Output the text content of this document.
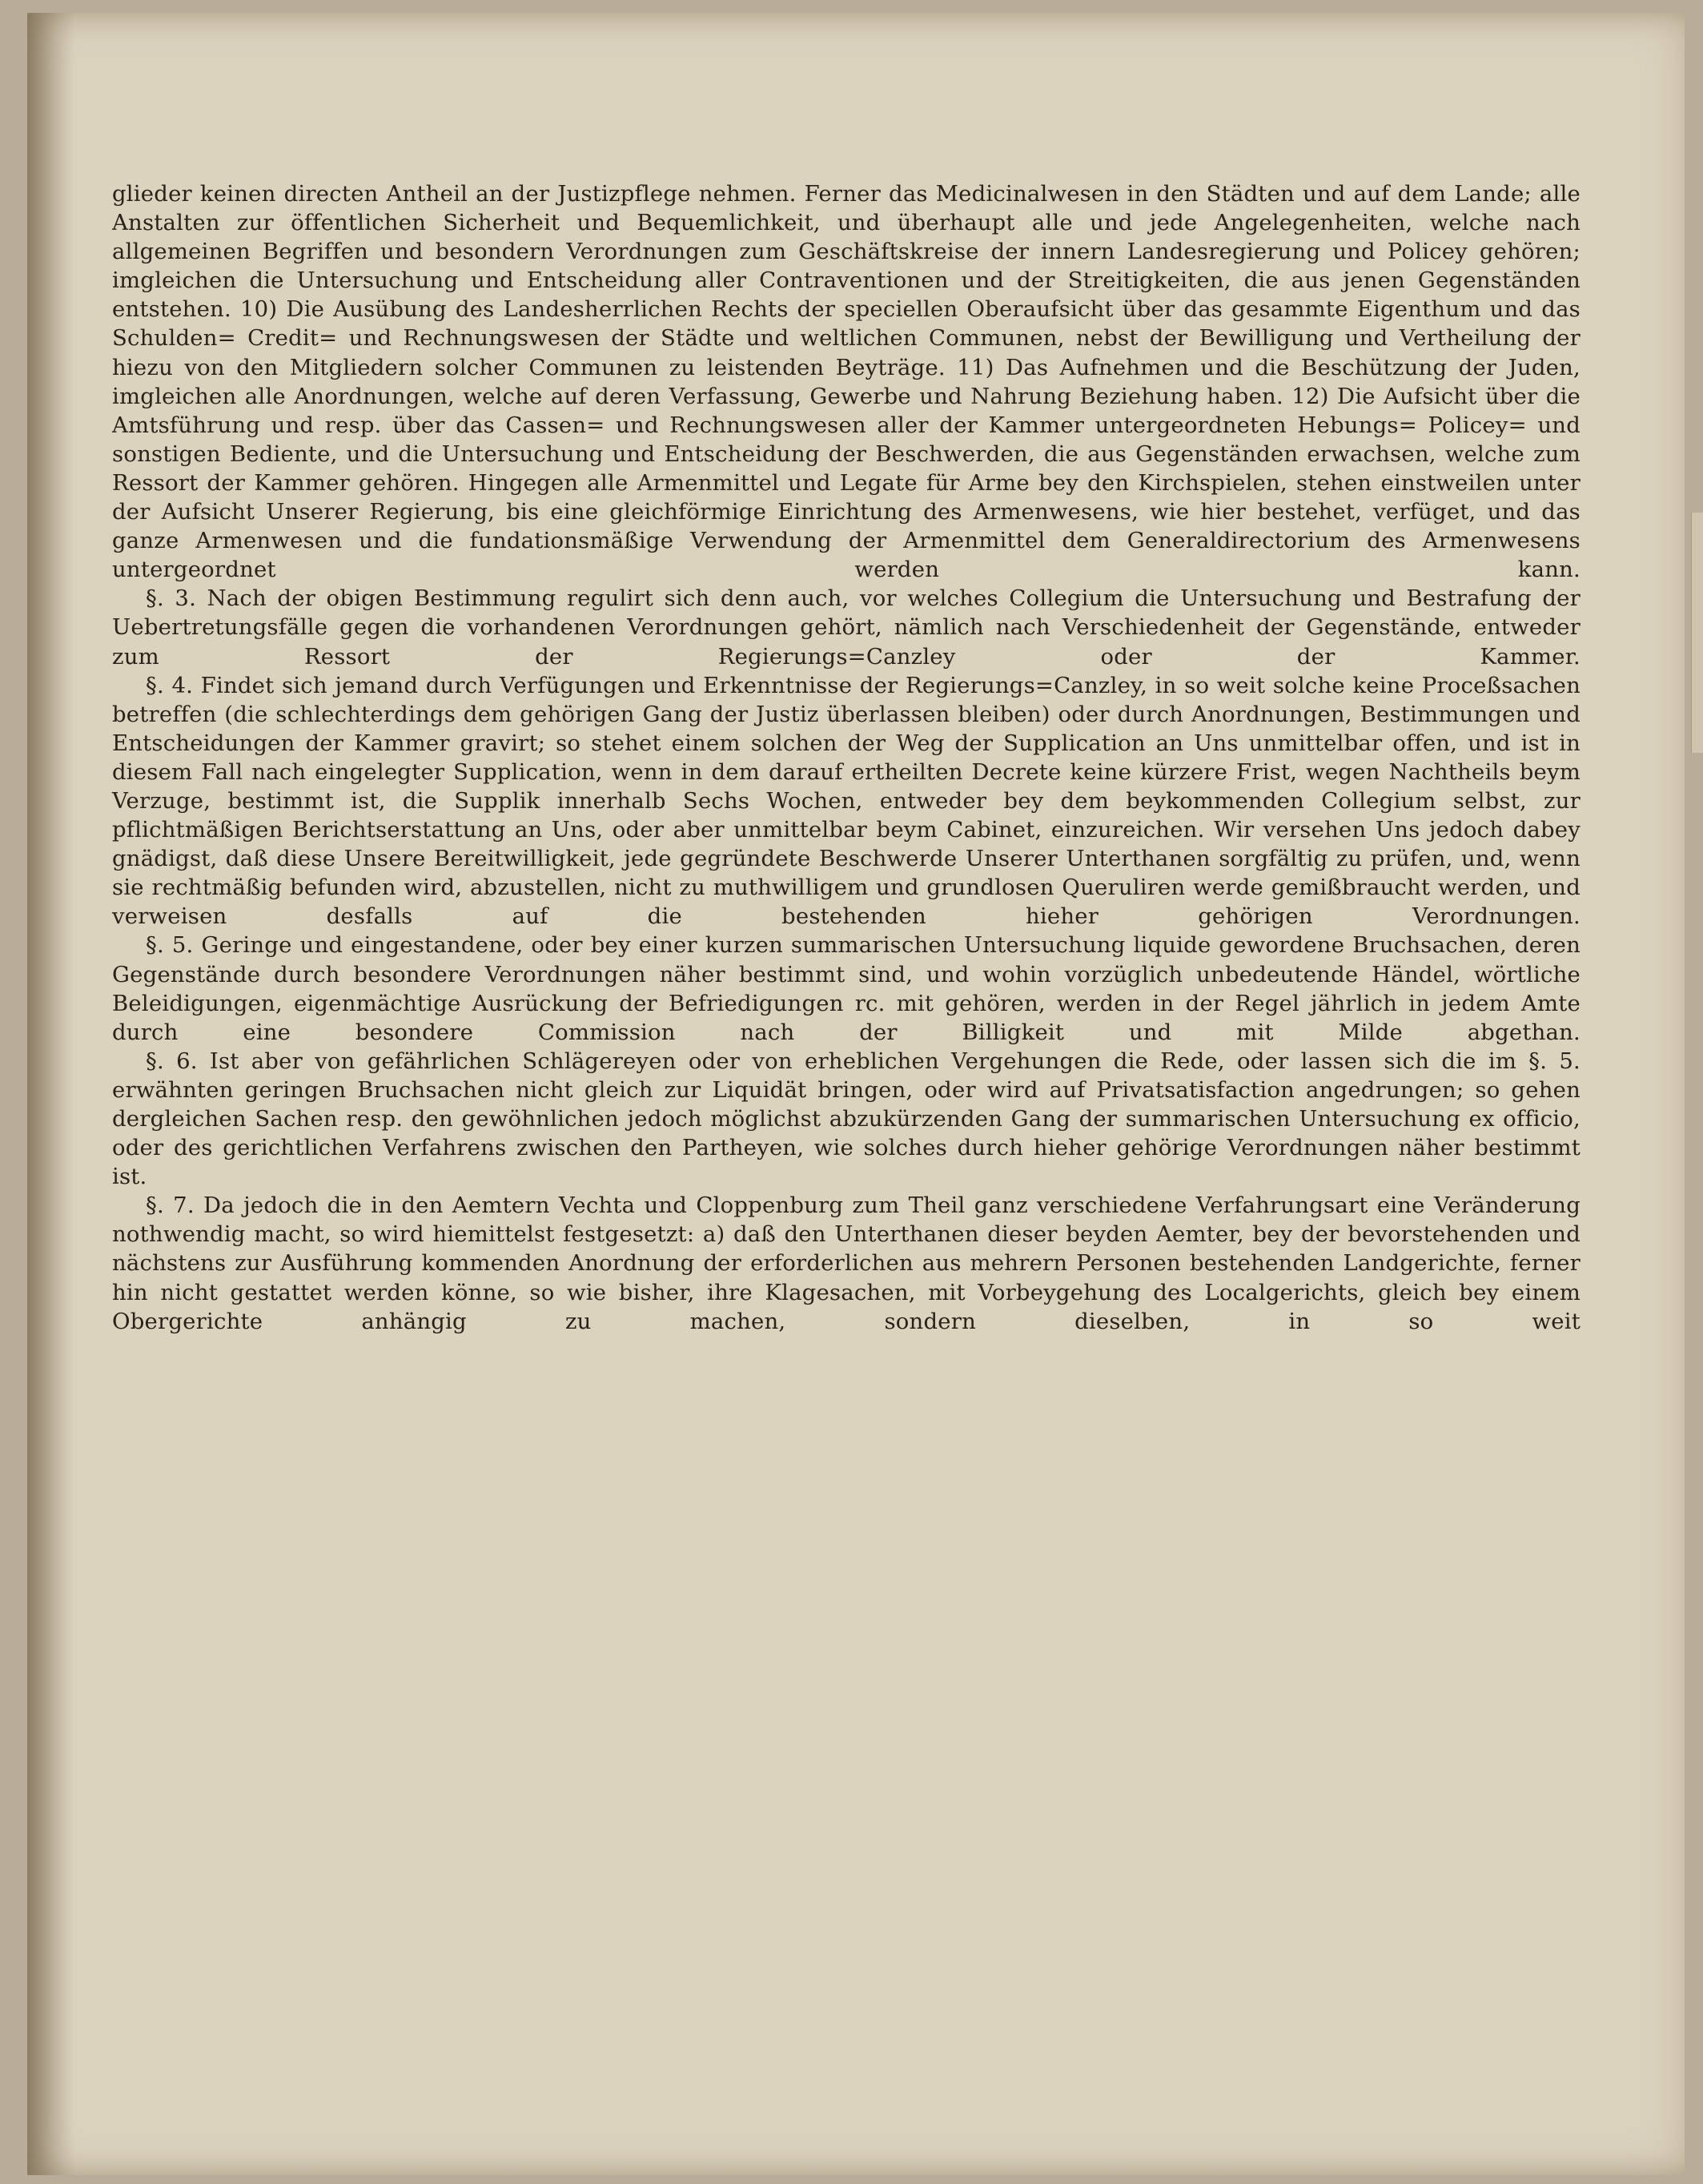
glieder keinen directen Antheil an der Justizpflege nehmen. Ferner das Medicinalwesen in den Städten und auf dem Lande; alle Anstalten zur öffentlichen Sicherheit und Bequemlichkeit, und überhaupt alle und jede Angelegenheiten, welche nach allgemeinen Begriffen und besondern Verordnungen zum Geschäftskreise der innern Landesregierung und Policey gehören; imgleichen die Untersuchung und Entscheidung aller Contraventionen und der Streitigkeiten, die aus jenen Gegenständen entstehen. 10) Die Ausübung des Landesherrlichen Rechts der speciellen Oberaufsicht über das gesammte Eigenthum und das Schulden= Credit= und Rechnungswesen der Städte und weltlichen Communen, nebst der Bewilligung und Vertheilung der hiezu von den Mitgliedern solcher Communen zu leistenden Beyträge. 11) Das Aufnehmen und die Beschützung der Juden, imgleichen alle Anordnungen, welche auf deren Verfassung, Gewerbe und Nahrung Beziehung haben. 12) Die Aufsicht über die Amtsführung und resp. über das Cassen= und Rechnungswesen aller der Kammer untergeordneten Hebungs= Policey= und sonstigen Bediente, und die Untersuchung und Entscheidung der Beschwerden, die aus Gegenständen erwachsen, welche zum Ressort der Kammer gehören. Hingegen alle Armenmittel und Legate für Arme bey den Kirchspielen, stehen einstweilen unter der Aufsicht Unserer Regierung, bis eine gleichförmige Einrichtung des Armenwesens, wie hier bestehet, verfüget, und das ganze Armenwesen und die fundationsmäßige Verwendung der Armenmittel dem Generaldirectorium des Armenwesens untergeordnet werden kann.

§. 3. Nach der obigen Bestimmung regulirt sich denn auch, vor welches Collegium die Untersuchung und Bestrafung der Uebertretungsfälle gegen die vorhandenen Verordnungen gehört, nämlich nach Verschiedenheit der Gegenstände, entweder zum Ressort der Regierungs=Canzley oder der Kammer.

§. 4. Findet sich jemand durch Verfügungen und Erkenntnisse der Regierungs=Canzley, in so weit solche keine Proceßsachen betreffen (die schlechterdings dem gehörigen Gang der Justiz überlassen bleiben) oder durch Anordnungen, Bestimmungen und Entscheidungen der Kammer gravirt; so stehet einem solchen der Weg der Supplication an Uns unmittelbar offen, und ist in diesem Fall nach eingelegter Supplication, wenn in dem darauf ertheilten Decrete keine kürzere Frist, wegen Nachtheils beym Verzuge, bestimmt ist, die Supplik innerhalb Sechs Wochen, entweder bey dem beykommenden Collegium selbst, zur pflichtmäßigen Berichtserstattung an Uns, oder aber unmittelbar beym Cabinet, einzureichen. Wir versehen Uns jedoch dabey gnädigst, daß diese Unsere Bereitwilligkeit, jede gegründete Beschwerde Unserer Unterthanen sorgfältig zu prüfen, und, wenn sie rechtmäßig befunden wird, abzustellen, nicht zu muthwilligem und grundlosen Queruliren werde gemißbraucht werden, und verweisen desfalls auf die bestehenden hieher gehörigen Verordnungen.

§. 5. Geringe und eingestandene, oder bey einer kurzen summarischen Untersuchung liquide gewordene Bruchsachen, deren Gegenstände durch besondere Verordnungen näher bestimmt sind, und wohin vorzüglich unbedeutende Händel, wörtliche Beleidigungen, eigenmächtige Ausrückung der Befriedigungen rc. mit gehören, werden in der Regel jährlich in jedem Amte durch eine besondere Commission nach der Billigkeit und mit Milde abgethan.

§. 6. Ist aber von gefährlichen Schlägereyen oder von erheblichen Vergehungen die Rede, oder lassen sich die im §. 5. erwähnten geringen Bruchsachen nicht gleich zur Liquidät bringen, oder wird auf Privatsatisfaction angedrungen; so gehen dergleichen Sachen resp. den gewöhnlichen jedoch möglichst abzukürzenden Gang der summarischen Untersuchung ex officio, oder des gerichtlichen Verfahrens zwischen den Partheyen, wie solches durch hieher gehörige Verordnungen näher bestimmt ist.

§. 7. Da jedoch die in den Aemtern Vechta und Cloppenburg zum Theil ganz verschiedene Verfahrungsart eine Veränderung nothwendig macht, so wird hiemittelst festgesetzt: a) daß den Unterthanen dieser beyden Aemter, bey der bevorstehenden und nächstens zur Ausführung kommenden Anordnung der erforderlichen aus mehrern Personen bestehenden Landgerichte, ferner hin nicht gestattet werden könne, so wie bisher, ihre Klagesachen, mit Vorbeygehung des Localgerichts, gleich bey einem Obergerichte anhängig zu machen, sondern dieselben, in so weit
